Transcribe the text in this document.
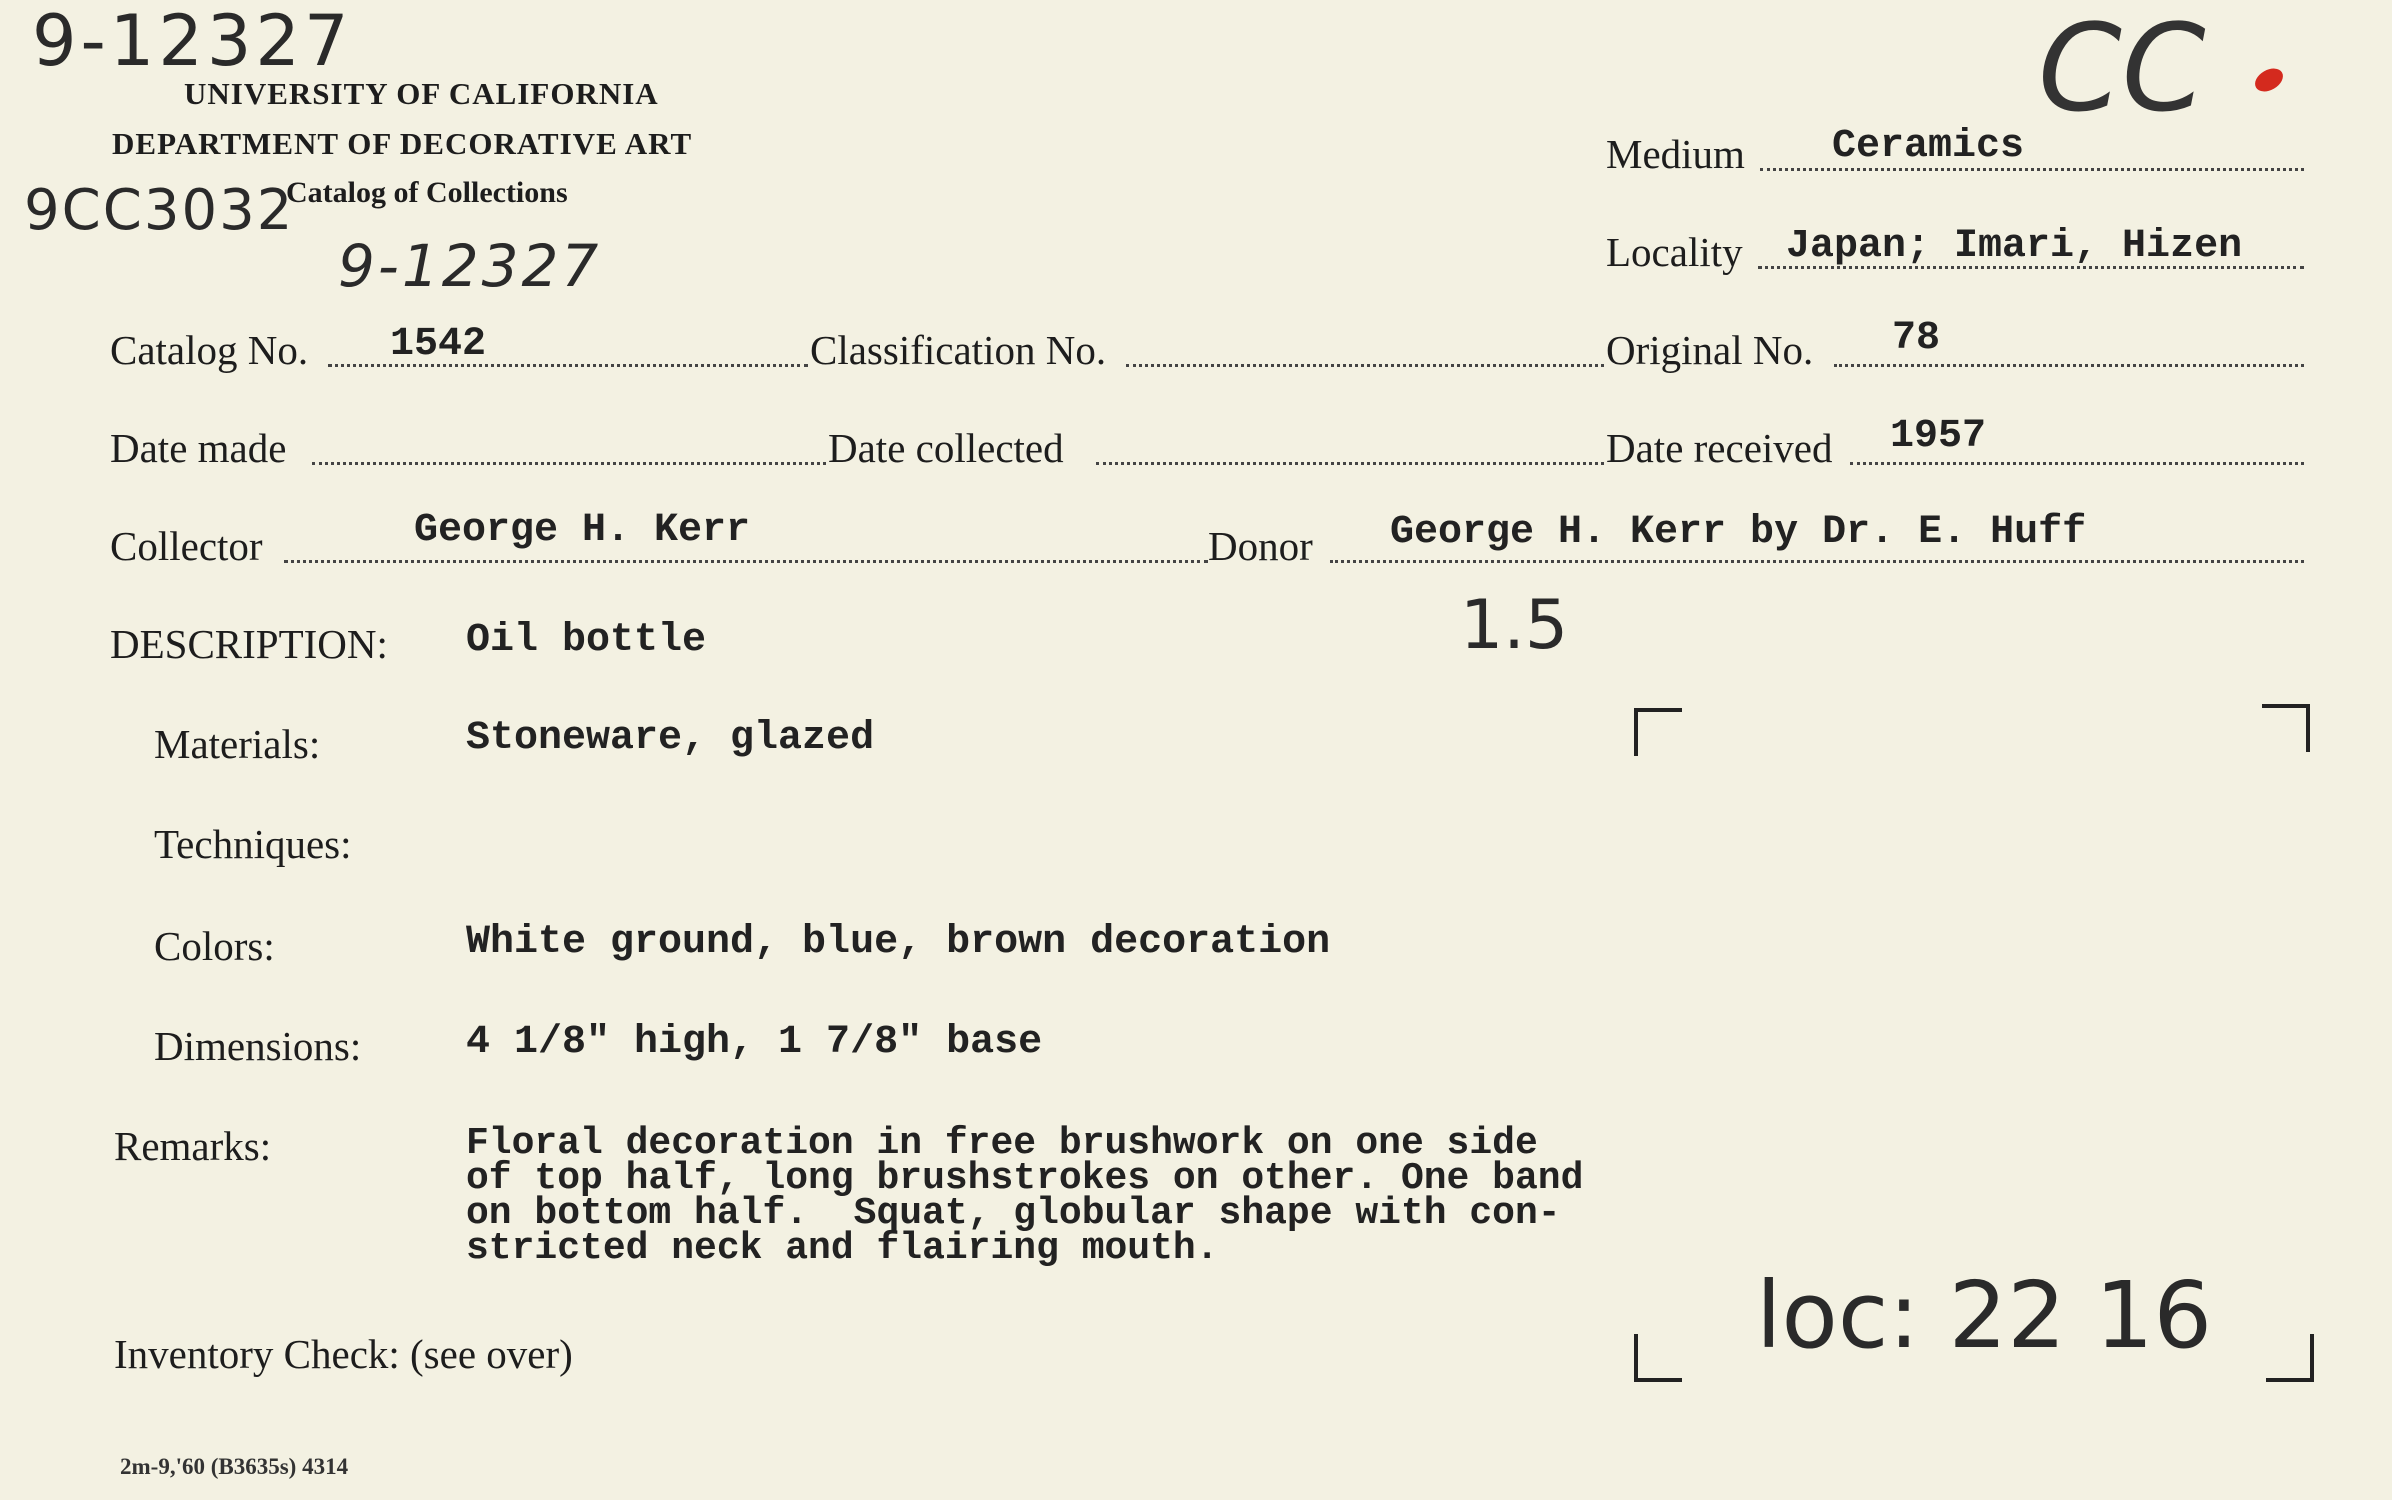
9-12327
9CC3032
9-12327
CC
1.5
loc: 22 16
UNIVERSITY OF CALIFORNIA
DEPARTMENT OF DECORATIVE ART
Catalog of Collections
Medium Ceramics
Locality Japan; Imari, Hizen
Catalog No. 1542	Classification No.	Original No. 78
Date made	Date collected	Date received 1957
Collector	George H. Kerr	Donor George H. Kerr by Dr. E. Huff
DESCRIPTION: Oil bottle
Materials:	Stoneware, glazed
Techniques:
Colors:	White ground, blue, brown decoration
Dimensions:	4 1/8" high, 1 7/8" base
Remarks:	Floral decoration in free brushwork on one side
of top half, long brushstrokes on other. One band
on bottom half.  Squat, globular shape with con-
stricted neck and flairing mouth.
Inventory Check: (see over)
2m-9,'60 (B3635s) 4314
